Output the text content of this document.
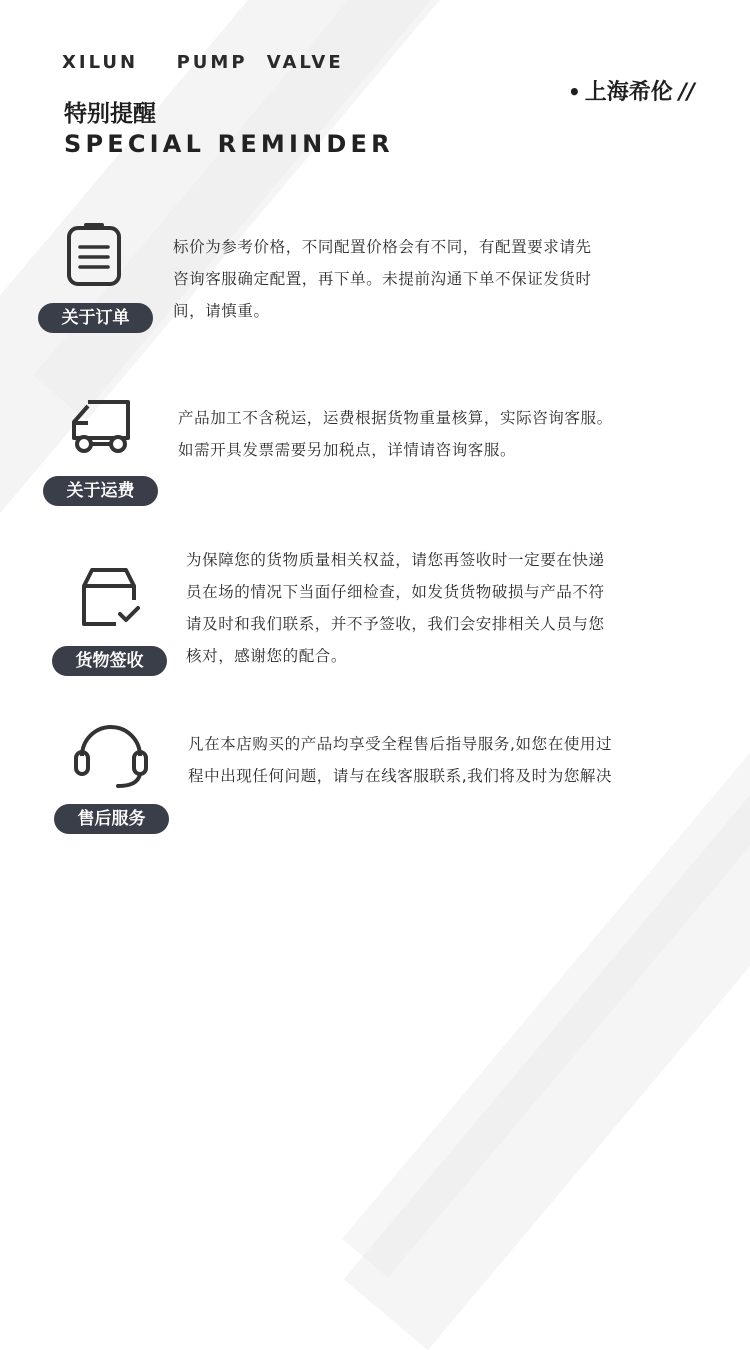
XILUN  PUMP VALVE
特别提醒
SPECIAL REMINDER
• 上海希伦 //
关于订单
标价为参考价格，不同配置价格会有不同，有配置要求请先
咨询客服确定配置，再下单。未提前沟通下单不保证发货时
间，请慎重。
关于运费
产品加工不含税运，运费根据货物重量核算，实际咨询客服。
如需开具发票需要另加税点，详情请咨询客服。
货物签收
为保障您的货物质量相关权益，请您再签收时一定要在快递
员在场的情况下当面仔细检查，如发货货物破损与产品不符
请及时和我们联系，并不予签收，我们会安排相关人员与您
核对，感谢您的配合。
售后服务
凡在本店购买的产品均享受全程售后指导服务,如您在使用过
程中出现任何问题，请与在线客服联系,我们将及时为您解决
